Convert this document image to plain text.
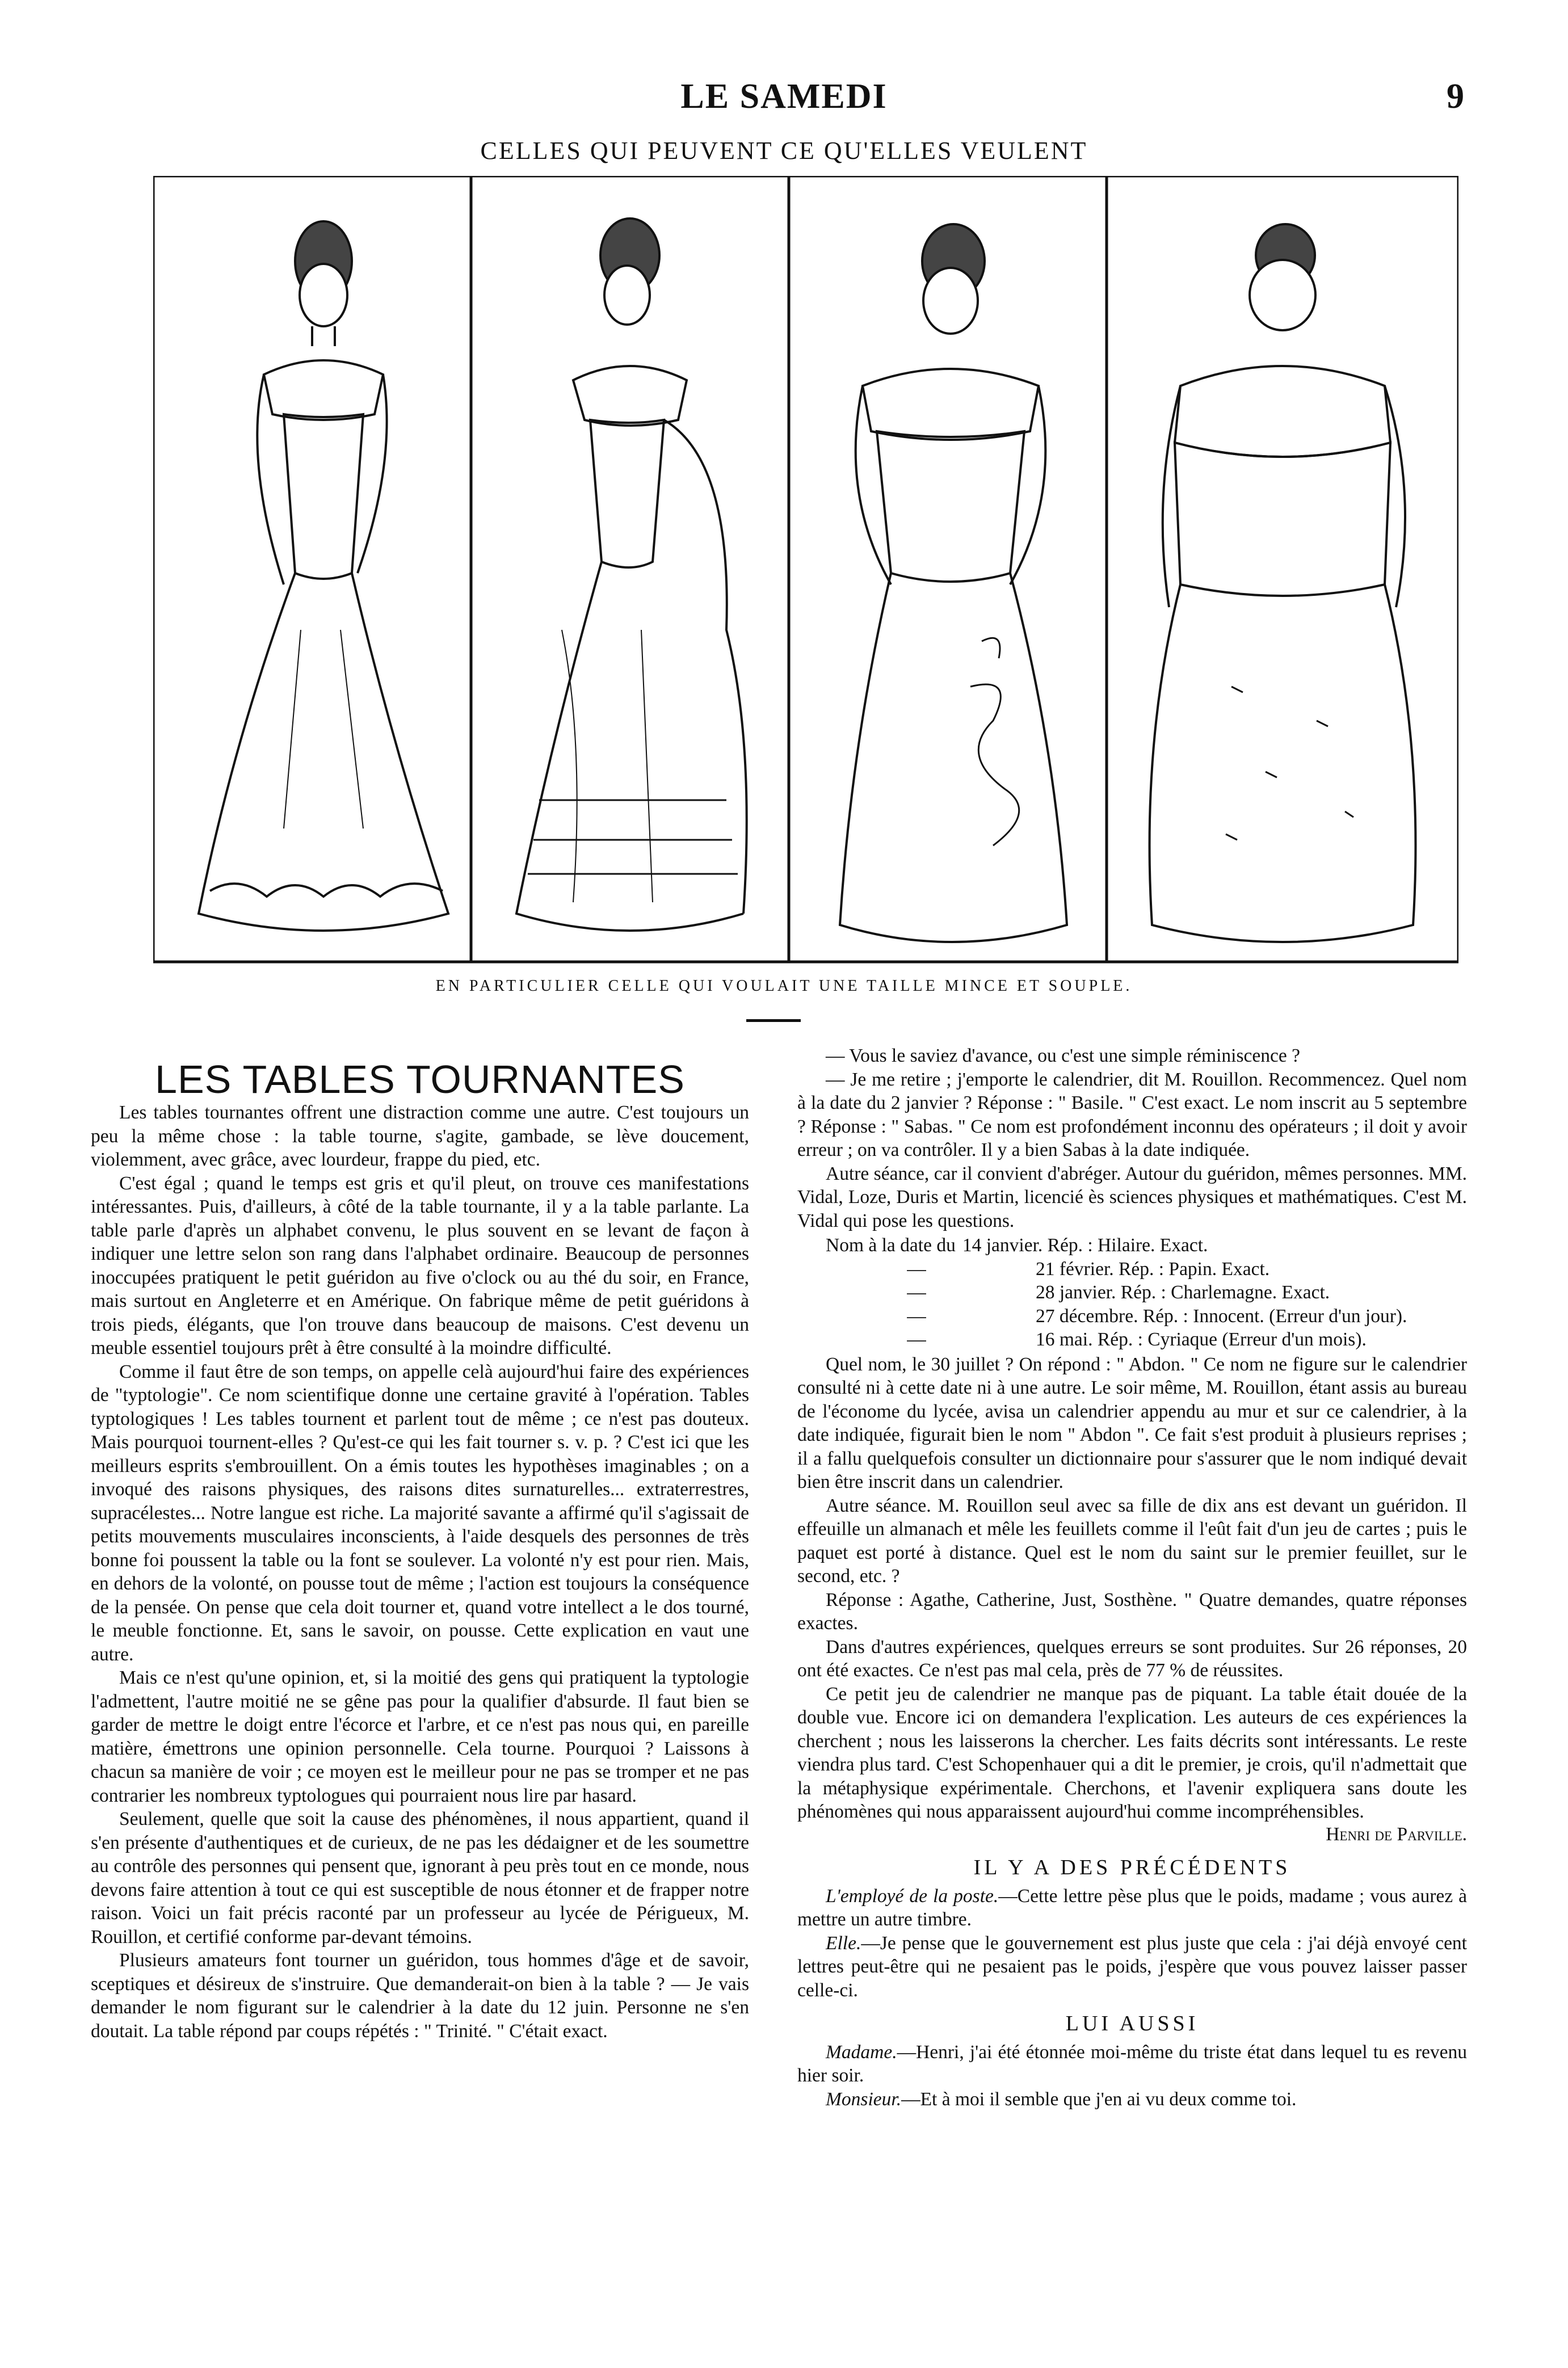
LE SAMEDI	9
CELLES QUI PEUVENT CE QU'ELLES VEULENT
EN PARTICULIER CELLE QUI VOULAIT UNE TAILLE MINCE ET SOUPLE.
LES TABLES TOURNANTES

Les tables tournantes offrent une distraction comme une autre. C'est toujours un peu la même chose : la table tourne, s'agite, gambade, se lève doucement, violemment, avec grâce, avec lourdeur, frappe du pied, etc.

C'est égal ; quand le temps est gris et qu'il pleut, on trouve ces manifestations intéressantes. Puis, d'ailleurs, à côté de la table tournante, il y a la table parlante. La table parle d'après un alphabet convenu, le plus souvent en se levant de façon à indiquer une lettre selon son rang dans l'alphabet ordinaire. Beaucoup de personnes inoccupées pratiquent le petit guéridon au five o'clock ou au thé du soir, en France, mais surtout en Angleterre et en Amérique. On fabrique même de petit guéridons à trois pieds, élégants, que l'on trouve dans beaucoup de maisons. C'est devenu un meuble essentiel toujours prêt à être consulté à la moindre difficulté.

Comme il faut être de son temps, on appelle celà aujourd'hui faire des expériences de "typtologie". Ce nom scientifique donne une certaine gravité à l'opération. Tables typtologiques ! Les tables tournent et parlent tout de même ; ce n'est pas douteux. Mais pourquoi tournent-elles ? Qu'est-ce qui les fait tourner s. v. p. ? C'est ici que les meilleurs esprits s'embrouillent. On a émis toutes les hypothèses imaginables ; on a invoqué des raisons physiques, des raisons dites surnaturelles... extraterrestres, supracélestes... Notre langue est riche. La majorité savante a affirmé qu'il s'agissait de petits mouvements musculaires inconscients, à l'aide desquels des personnes de très bonne foi poussent la table ou la font se soulever. La volonté n'y est pour rien. Mais, en dehors de la volonté, on pousse tout de même ; l'action est toujours la conséquence de la pensée. On pense que cela doit tourner et, quand votre intellect a le dos tourné, le meuble fonctionne. Et, sans le savoir, on pousse. Cette explication en vaut une autre.

Mais ce n'est qu'une opinion, et, si la moitié des gens qui pratiquent la typtologie l'admettent, l'autre moitié ne se gêne pas pour la qualifier d'absurde. Il faut bien se garder de mettre le doigt entre l'écorce et l'arbre, et ce n'est pas nous qui, en pareille matière, émettrons une opinion personnelle. Cela tourne. Pourquoi ? Laissons à chacun sa manière de voir ; ce moyen est le meilleur pour ne pas se tromper et ne pas contrarier les nombreux typtologues qui pourraient nous lire par hasard.

Seulement, quelle que soit la cause des phénomènes, il nous appartient, quand il s'en présente d'authentiques et de curieux, de ne pas les dédaigner et de les soumettre au contrôle des personnes qui pensent que, ignorant à peu près tout en ce monde, nous devons faire attention à tout ce qui est susceptible de nous étonner et de frapper notre raison. Voici un fait précis raconté par un professeur au lycée de Périgueux, M. Rouillon, et certifié conforme par-devant témoins.

Plusieurs amateurs font tourner un guéridon, tous hommes d'âge et de savoir, sceptiques et désireux de s'instruire. Que demanderait-on bien à la table ? — Je vais demander le nom figurant sur le calendrier à la date du 12 juin. Personne ne s'en doutait. La table répond par coups répétés : " Trinité. " C'était exact.

— Vous le saviez d'avance, ou c'est une simple réminiscence ?

— Je me retire ; j'emporte le calendrier, dit M. Rouillon. Recommencez. Quel nom à la date du 2 janvier ? Réponse : " Basile. " C'est exact. Le nom inscrit au 5 septembre ? Réponse : " Sabas. " Ce nom est profondément inconnu des opérateurs ; il doit y avoir erreur ; on va contrôler. Il y a bien Sabas à la date indiquée.

Autre séance, car il convient d'abréger. Autour du guéridon, mêmes personnes. MM. Vidal, Loze, Duris et Martin, licencié ès sciences physiques et mathématiques. C'est M. Vidal qui pose les questions.

Nom à la date du 14 janvier. Rép. : Hilaire. Exact.
—	21 février. Rép. : Papin. Exact.
—	28 janvier. Rép. : Charlemagne. Exact.
—	27 décembre. Rép. : Innocent. (Erreur d'un jour).
—	16 mai. Rép. : Cyriaque (Erreur d'un mois).

Quel nom, le 30 juillet ? On répond : " Abdon. " Ce nom ne figure sur le calendrier consulté ni à cette date ni à une autre. Le soir même, M. Rouillon, étant assis au bureau de l'économe du lycée, avisa un calendrier appendu au mur et sur ce calendrier, à la date indiquée, figurait bien le nom " Abdon ". Ce fait s'est produit à plusieurs reprises ; il a fallu quelquefois consulter un dictionnaire pour s'assurer que le nom indiqué devait bien être inscrit dans un calendrier.

Autre séance. M. Rouillon seul avec sa fille de dix ans est devant un guéridon. Il effeuille un almanach et mêle les feuillets comme il l'eût fait d'un jeu de cartes ; puis le paquet est porté à distance. Quel est le nom du saint sur le premier feuillet, sur le second, etc. ?

Réponse : Agathe, Catherine, Just, Sosthène. " Quatre demandes, quatre réponses exactes.

Dans d'autres expériences, quelques erreurs se sont produites. Sur 26 réponses, 20 ont été exactes. Ce n'est pas mal cela, près de 77 % de réussites.

Ce petit jeu de calendrier ne manque pas de piquant. La table était douée de la double vue. Encore ici on demandera l'explication. Les auteurs de ces expériences la cherchent ; nous les laisserons la chercher. Les faits décrits sont intéressants. Le reste viendra plus tard. C'est Schopenhauer qui a dit le premier, je crois, qu'il n'admettait que la métaphysique expérimentale. Cherchons, et l'avenir expliquera sans doute les phénomènes qui nous apparaissent aujourd'hui comme incompréhensibles.

Henri de Parville.
IL Y A DES PRÉCÉDENTS

L'employé de la poste.—Cette lettre pèse plus que le poids, madame ; vous aurez à mettre un autre timbre.

Elle.—Je pense que le gouvernement est plus juste que cela : j'ai déjà envoyé cent lettres peut-être qui ne pesaient pas le poids, j'espère que vous pouvez laisser passer celle-ci.

LUI AUSSI

Madame.—Henri, j'ai été étonnée moi-même du triste état dans lequel tu es revenu hier soir.

Monsieur.—Et à moi il semble que j'en ai vu deux comme toi.
